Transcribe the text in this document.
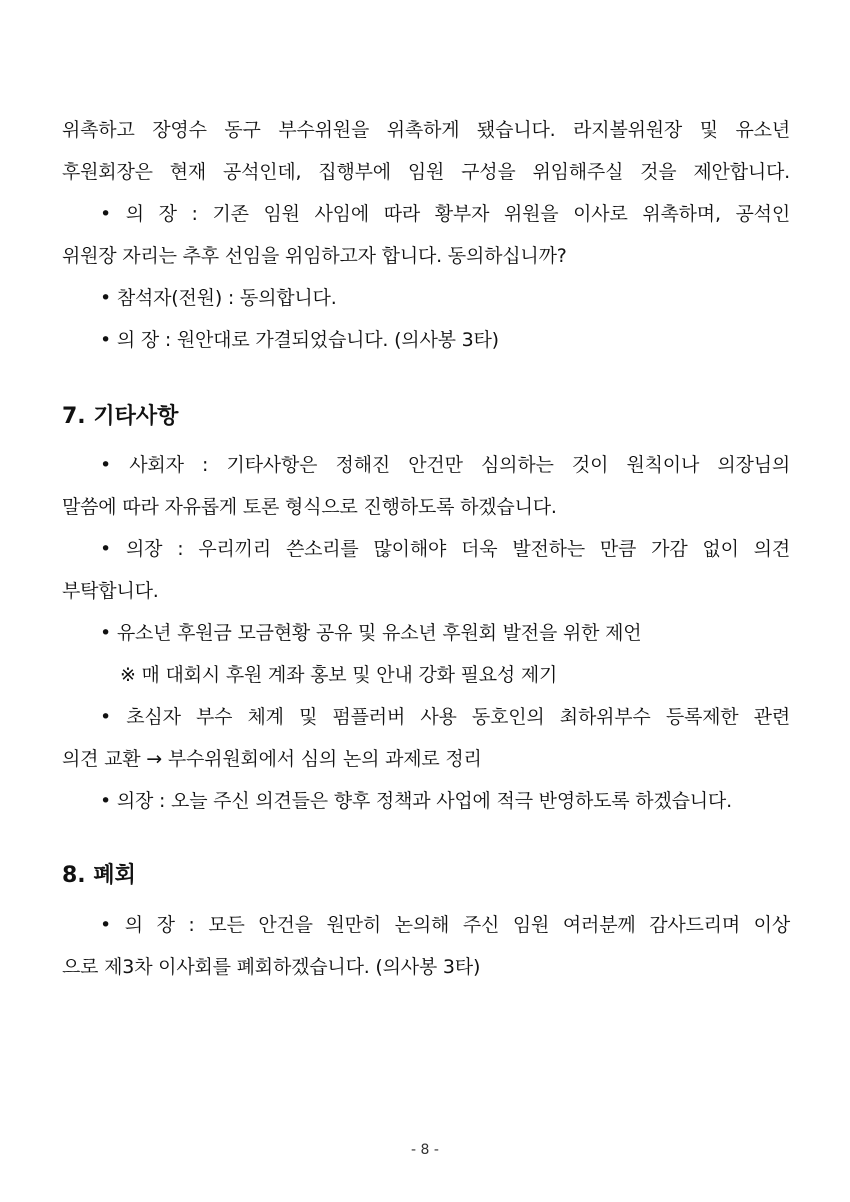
위촉하고 장영수 동구 부수위원을 위촉하게 됐습니다. 라지볼위원장 및 유소년
후원회장은 현재 공석인데, 집행부에 임원 구성을 위임해주실 것을 제안합니다.
• 의 장 : 기존 임원 사임에 따라 황부자 위원을 이사로 위촉하며, 공석인
위원장 자리는 추후 선임을 위임하고자 합니다. 동의하십니까?
• 참석자(전원) : 동의합니다.
• 의 장 : 원안대로 가결되었습니다. (의사봉 3타)
7. 기타사항
• 사회자 : 기타사항은 정해진 안건만 심의하는 것이 원칙이나 의장님의
말씀에 따라 자유롭게 토론 형식으로 진행하도록 하겠습니다.
• 의장 : 우리끼리 쓴소리를 많이해야 더욱 발전하는 만큼 가감 없이 의견
부탁합니다.
• 유소년 후원금 모금현황 공유 및 유소년 후원회 발전을 위한 제언
※ 매 대회시 후원 계좌 홍보 및 안내 강화 필요성 제기
• 초심자 부수 체계 및 펌플러버 사용 동호인의 최하위부수 등록제한 관련
의견 교환 → 부수위원회에서 심의 논의 과제로 정리
• 의장 : 오늘 주신 의견들은 향후 정책과 사업에 적극 반영하도록 하겠습니다.
8. 폐회
• 의 장 : 모든 안건을 원만히 논의해 주신 임원 여러분께 감사드리며 이상
으로 제3차 이사회를 폐회하겠습니다. (의사봉 3타)
- 8 -
